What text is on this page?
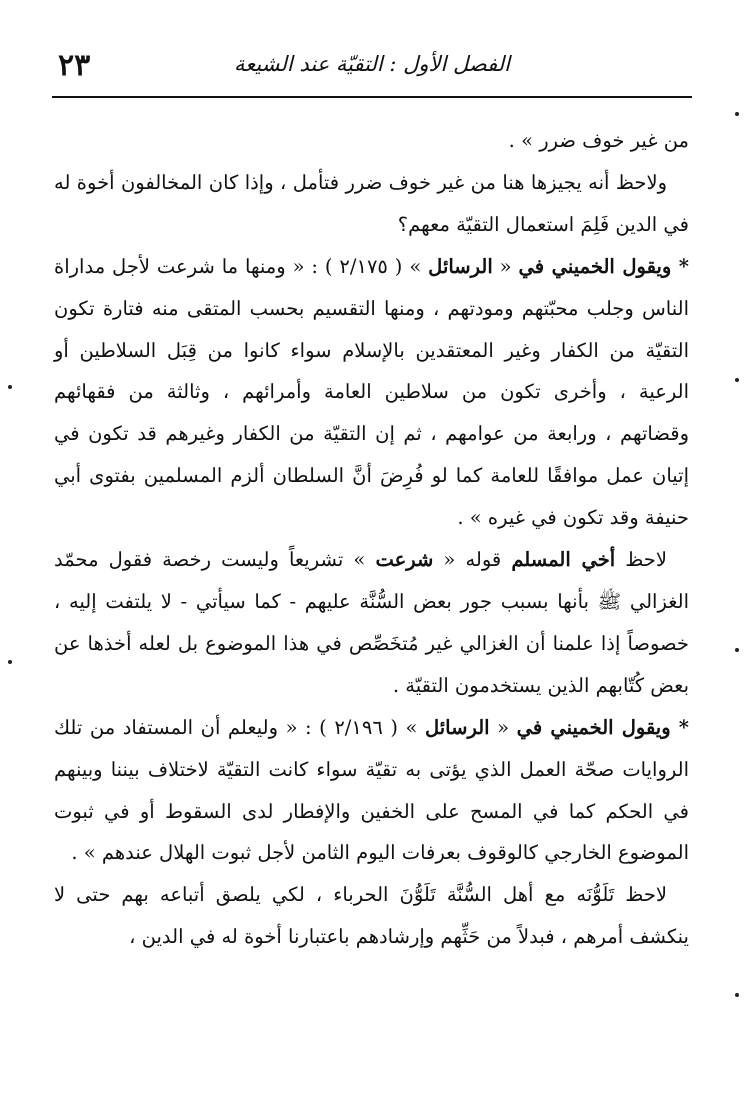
٢٣	الفصل الأول : التقيّة عند الشيعة

من غير خوف ضرر » .

ولاحظ أنه يجيزها هنا من غير خوف ضرر فتأمل ، وإذا كان المخالفون أخوة له في الدين فَلِمَ استعمال التقيّة معهم؟

* ويقول الخميني في « الرسائل » ( ٢/١٧٥ ) : « ومنها ما شرعت لأجل مداراة الناس وجلب محبّتهم ومودتهم ، ومنها التقسيم بحسب المتقى منه فتارة تكون التقيّة من الكفار وغير المعتقدين بالإسلام سواء كانوا من قِبَل السلاطين أو الرعية ، وأخرى تكون من سلاطين العامة وأمرائهم ، وثالثة من فقهائهم وقضاتهم ، ورابعة من عوامهم ، ثم إن التقيّة من الكفار وغيرهم قد تكون في إتيان عمل موافقًا للعامة كما لو فُرِضَ أنَّ السلطان ألزم المسلمين بفتوى أبي حنيفة وقد تكون في غيره » .

لاحظ أخي المسلم قوله « شرعت » تشريعاً وليست رخصة فقول محمّد الغزالي ﷺ بأنها بسبب جور بعض السُّنَّة عليهم - كما سيأتي - لا يلتفت إليه ، خصوصاً إذا علمنا أن الغزالي غير مُتخَصِّص في هذا الموضوع بل لعله أخذها عن بعض كُتّابهم الذين يستخدمون التقيّة .

* ويقول الخميني في « الرسائل » ( ٢/١٩٦ ) : « وليعلم أن المستفاد من تلك الروايات صحّة العمل الذي يؤتى به تقيّة سواء كانت التقيّة لاختلاف بيننا وبينهم في الحكم كما في المسح على الخفين والإفطار لدى السقوط أو في ثبوت الموضوع الخارجي كالوقوف بعرفات اليوم الثامن لأجل ثبوت الهلال عندهم » .

لاحظ تَلَوُّنَه مع أهل السُّنَّة تَلَوُّنَ الحرباء ، لكي يلصق أتباعه بهم حتى لا ينكشف أمرهم ، فبدلاً من حَثِّهم وإرشادهم باعتبارنا أخوة له في الدين ،
